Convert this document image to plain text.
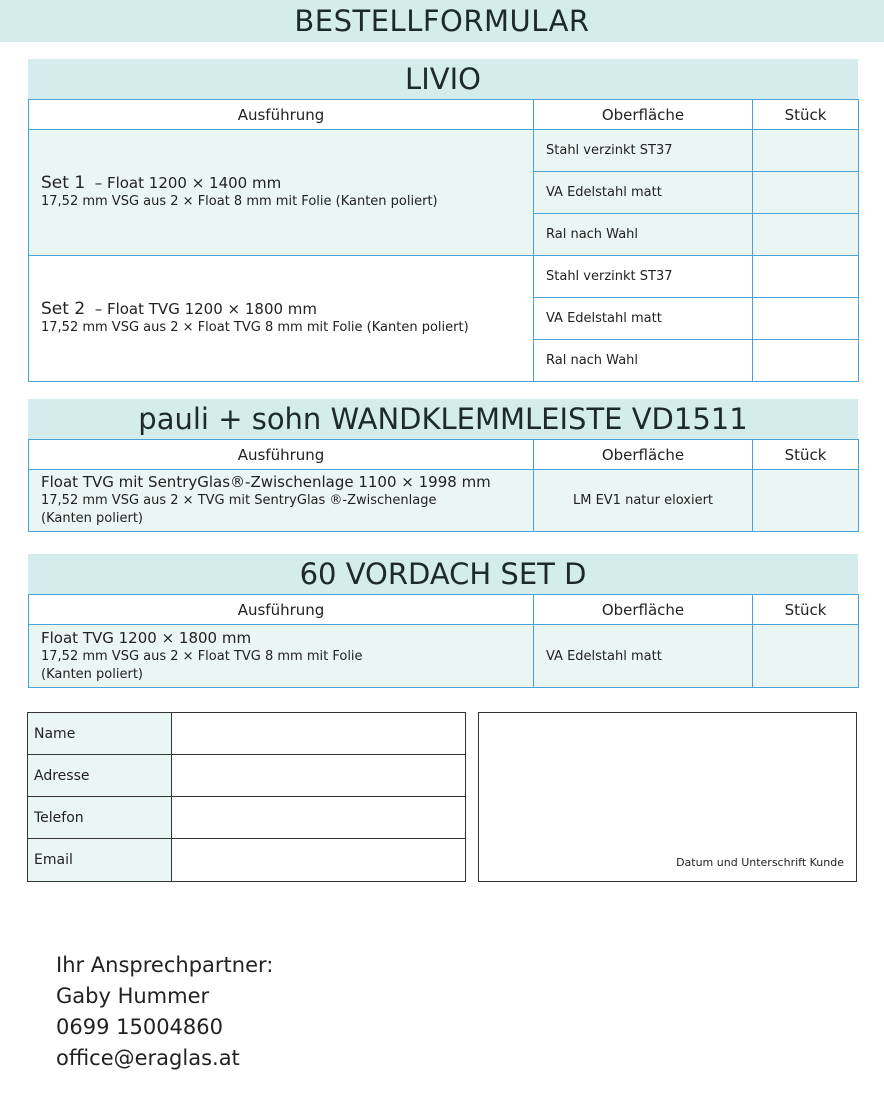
BESTELLFORMULAR
LIVIO
Ausführung	Oberfläche	Stück

Set 1 – Float 1200 × 1400 mm
17,52 mm VSG aus 2 × Float 8 mm mit Folie (Kanten poliert)	Stahl verzinkt ST37	
	VA Edelstahl matt	
	Ral nach Wahl	

Set 2 – Float TVG 1200 × 1800 mm
17,52 mm VSG aus 2 × Float TVG 8 mm mit Folie (Kanten poliert)	Stahl verzinkt ST37	
	VA Edelstahl matt	
	Ral nach Wahl	
pauli + sohn WANDKLEMMLEISTE VD1511
Ausführung	Oberfläche	Stück

Float TVG mit SentryGlas®-Zwischenlage 1100 × 1998 mm
17,52 mm VSG aus 2 × TVG mit SentryGlas ®-Zwischenlage
(Kanten poliert)	LM EV1 natur eloxiert	
60 VORDACH SET D
Ausführung	Oberfläche	Stück

Float TVG 1200 × 1800 mm
17,52 mm VSG aus 2 × Float TVG 8 mm mit Folie
(Kanten poliert)	VA Edelstahl matt	
Name
Adresse
Telefon
Email	Datum und Unterschrift Kunde
Ihr Ansprechpartner:
Gaby Hummer
0699 15004860
office@eraglas.at
